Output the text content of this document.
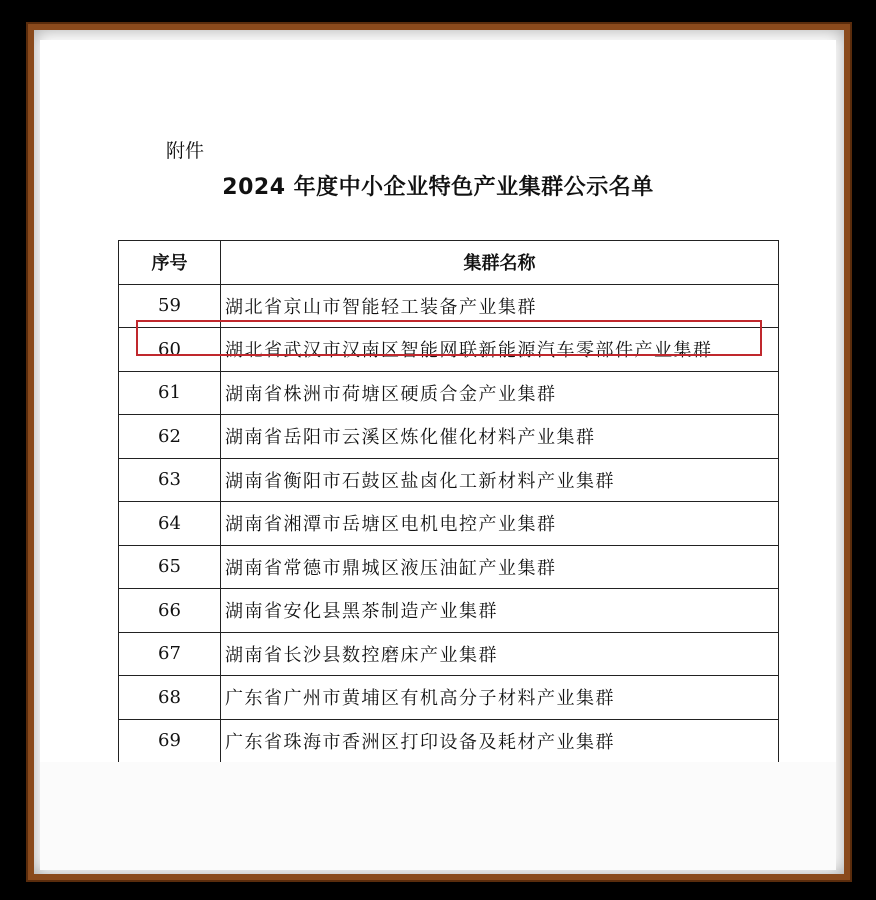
附件
2024 年度中小企业特色产业集群公示名单
序号	集群名称
59	湖北省京山市智能轻工装备产业集群
60	湖北省武汉市汉南区智能网联新能源汽车零部件产业集群
61	湖南省株洲市荷塘区硬质合金产业集群
62	湖南省岳阳市云溪区炼化催化材料产业集群
63	湖南省衡阳市石鼓区盐卤化工新材料产业集群
64	湖南省湘潭市岳塘区电机电控产业集群
65	湖南省常德市鼎城区液压油缸产业集群
66	湖南省安化县黑茶制造产业集群
67	湖南省长沙县数控磨床产业集群
68	广东省广州市黄埔区有机高分子材料产业集群
69	广东省珠海市香洲区打印设备及耗材产业集群
